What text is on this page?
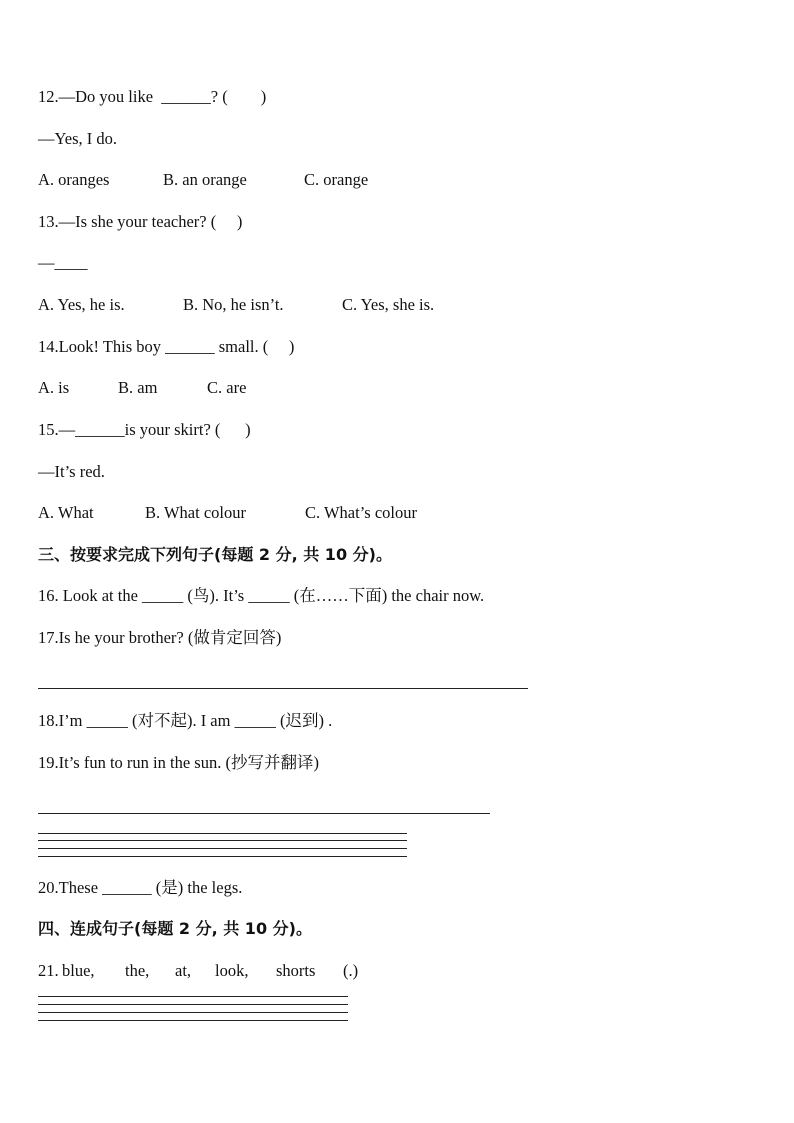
12.—Do you like  ______? (        )
—Yes, I do.
A. oranges	B. an orange	C. orange
13.—Is she your teacher? (     )
—____
A. Yes, he is.	B. No, he isn’t.	C. Yes, she is.
14.Look! This boy ______ small. (     )
A. is	B. am	C. are
15.—______is your skirt? (      )
—It’s red.
A. What	B. What colour	C. What’s colour
三、按要求完成下列句子(每题 2 分, 共 10 分)。
16. Look at the _____ (鸟). It’s _____ (在……下面) the chair now.
17.Is he your brother? (做肯定回答)
18.I’m _____ (对不起). I am _____ (迟到) .
19.It’s fun to run in the sun. (抄写并翻译)
20.These ______ (是) the legs.
四、连成句子(每题 2 分, 共 10 分)。
21. blue, the, at, look, shorts (.)
